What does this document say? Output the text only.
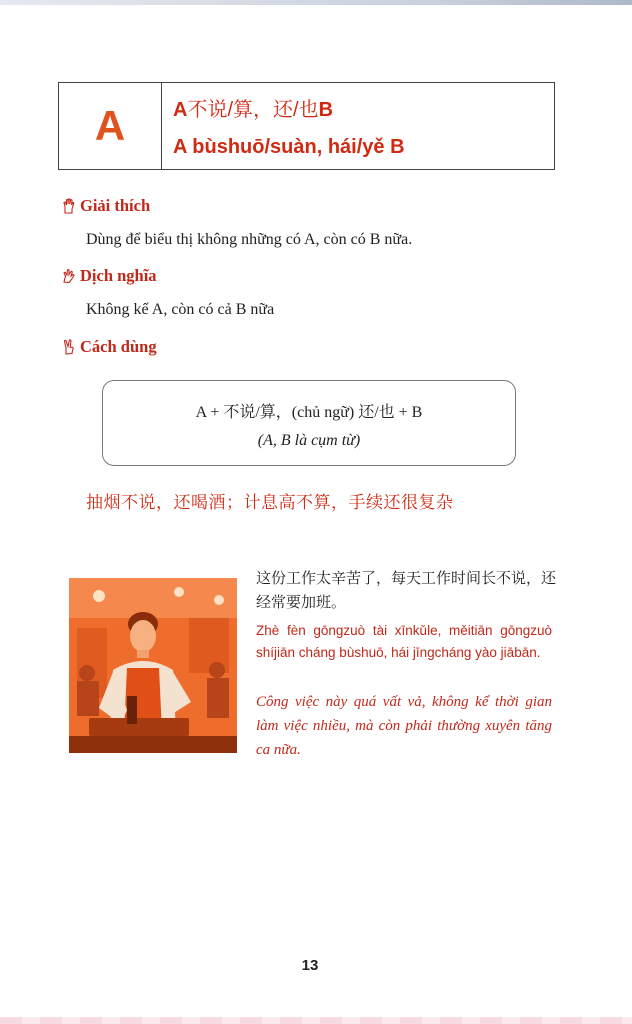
A A不说/算，还/也B
A bùshuō/suàn, hái/yě B
Giải thích
Dùng để biểu thị không những có A, còn có B nữa.
Dịch nghĩa
Không kể A, còn có cả B nữa
Cách dùng
A + 不说/算，(chủ ngữ) 还/也 + B
(A, B là cụm từ)
抽烟不说，还喝酒；计息高不算，手续还很复杂
这份工作太辛苦了，每天工作时间长不说，还经常要加班。
Zhè fèn gōngzuò tài xīnkǔle, měitiān gōngzuò shíjiān cháng bùshuō, hái jīngcháng yào jiābān.
Công việc này quá vất vả, không kể thời gian làm việc nhiều, mà còn phải thường xuyên tăng ca nữa.
13
